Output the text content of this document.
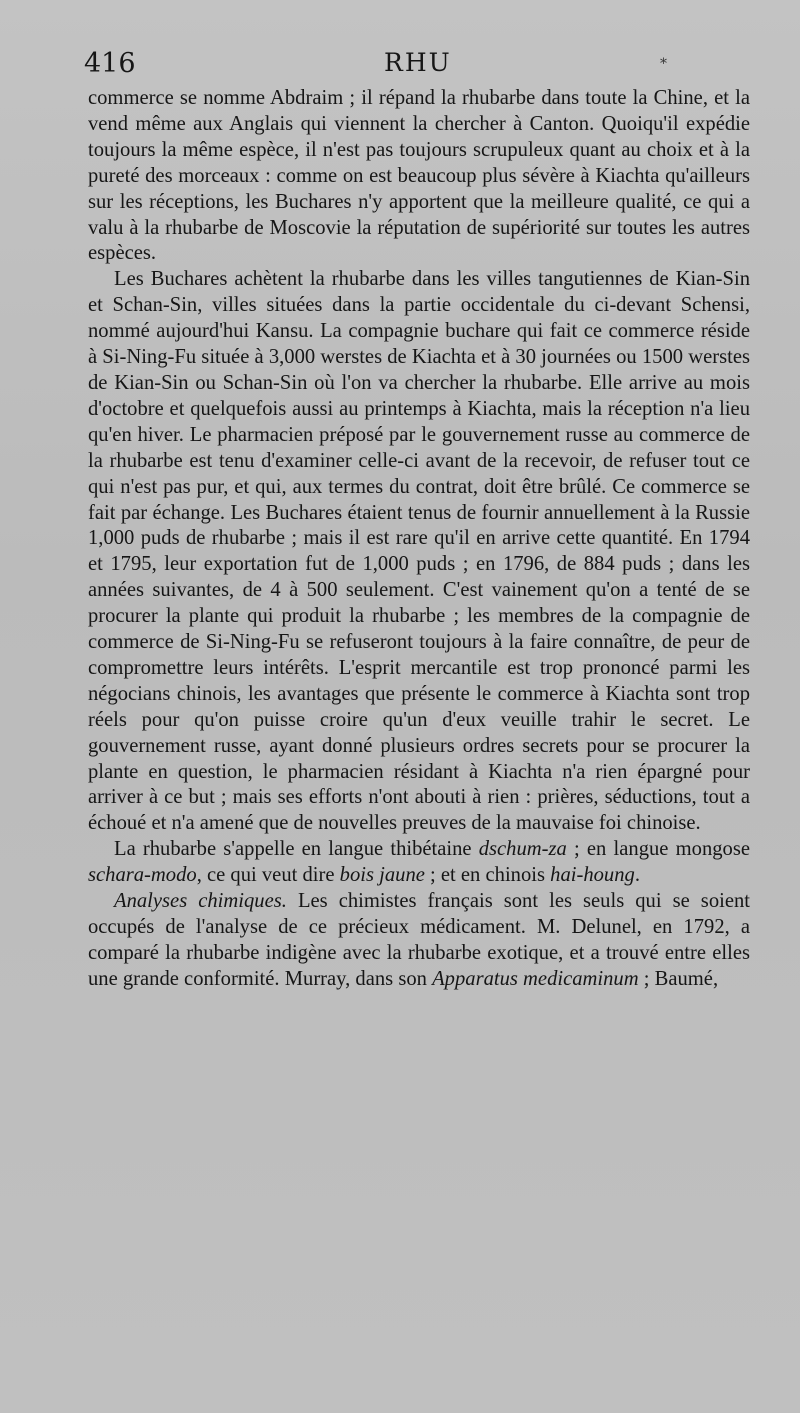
416	RHU	*

commerce se nomme Abdraim ; il répand la rhubarbe dans toute la Chine, et la vend même aux Anglais qui viennent la chercher à Canton. Quoiqu'il expédie toujours la même espèce, il n'est pas toujours scrupuleux quant au choix et à la pureté des morceaux : comme on est beaucoup plus sévère à Kiachta qu'ailleurs sur les réceptions, les Buchares n'y apportent que la meilleure qualité, ce qui a valu à la rhubarbe de Moscovie la réputation de supériorité sur toutes les autres espèces.

Les Buchares achètent la rhubarbe dans les villes tangutiennes de Kian-Sin et Schan-Sin, villes situées dans la partie occidentale du ci-devant Schensi, nommé aujourd'hui Kansu. La compagnie buchare qui fait ce commerce réside à Si-Ning-Fu située à 3,000 werstes de Kiachta et à 30 journées ou 1500 werstes de Kian-Sin ou Schan-Sin où l'on va chercher la rhubarbe. Elle arrive au mois d'octobre et quelquefois aussi au printemps à Kiachta, mais la réception n'a lieu qu'en hiver. Le pharmacien préposé par le gouvernement russe au commerce de la rhubarbe est tenu d'examiner celle-ci avant de la recevoir, de refuser tout ce qui n'est pas pur, et qui, aux termes du contrat, doit être brûlé. Ce commerce se fait par échange. Les Buchares étaient tenus de fournir annuellement à la Russie 1,000 puds de rhubarbe ; mais il est rare qu'il en arrive cette quantité. En 1794 et 1795, leur exportation fut de 1,000 puds ; en 1796, de 884 puds ; dans les années suivantes, de 4 à 500 seulement. C'est vainement qu'on a tenté de se procurer la plante qui produit la rhubarbe ; les membres de la compagnie de commerce de Si-Ning-Fu se refuseront toujours à la faire connaître, de peur de compromettre leurs intérêts. L'esprit mercantile est trop prononcé parmi les négocians chinois, les avantages que présente le commerce à Kiachta sont trop réels pour qu'on puisse croire qu'un d'eux veuille trahir le secret. Le gouvernement russe, ayant donné plusieurs ordres secrets pour se procurer la plante en question, le pharmacien résidant à Kiachta n'a rien épargné pour arriver à ce but ; mais ses efforts n'ont abouti à rien : prières, séductions, tout a échoué et n'a amené que de nouvelles preuves de la mauvaise foi chinoise.

La rhubarbe s'appelle en langue thibétaine dschum-za ; en langue mongose schara-modo, ce qui veut dire bois jaune ; et en chinois hai-houng.

Analyses chimiques. Les chimistes français sont les seuls qui se soient occupés de l'analyse de ce précieux médicament. M. Delunel, en 1792, a comparé la rhubarbe indigène avec la rhubarbe exotique, et a trouvé entre elles une grande conformité. Murray, dans son Apparatus medicaminum ; Baumé,
